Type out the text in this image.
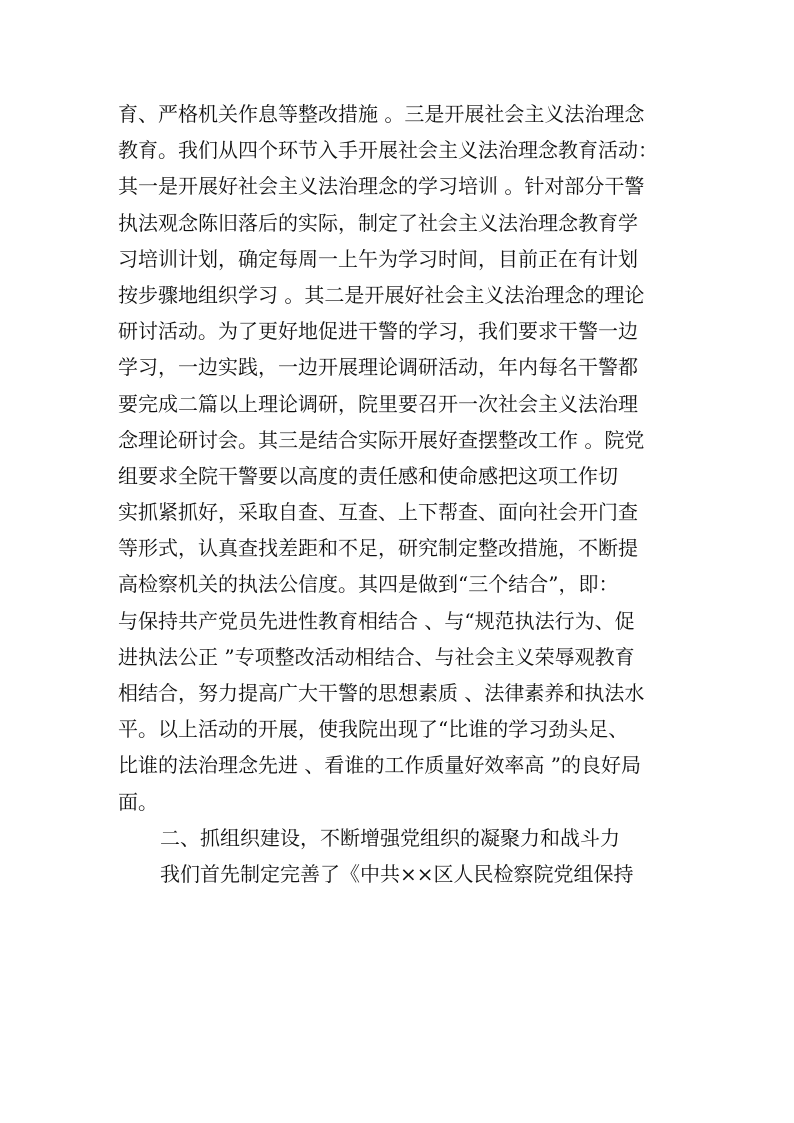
育、严格机关作息等整改措施 。三是开展社会主义法治理念
教育。我们从四个环节入手开展社会主义法治理念教育活动：
其一是开展好社会主义法治理念的学习培训 。针对部分干警
执法观念陈旧落后的实际，制定了社会主义法治理念教育学
习培训计划，确定每周一上午为学习时间，目前正在有计划
按步骤地组织学习 。其二是开展好社会主义法治理念的理论
研讨活动。为了更好地促进干警的学习，我们要求干警一边
学习，一边实践，一边开展理论调研活动，年内每名干警都
要完成二篇以上理论调研，院里要召开一次社会主义法治理
念理论研讨会。其三是结合实际开展好查摆整改工作 。院党
组要求全院干警要以高度的责任感和使命感把这项工作切
实抓紧抓好，采取自查、互查、上下帮查、面向社会开门查
等形式，认真查找差距和不足，研究制定整改措施，不断提
高检察机关的执法公信度。其四是做到“三个结合”，即：
与保持共产党员先进性教育相结合 、与“规范执法行为、促
进执法公正 ”专项整改活动相结合、与社会主义荣辱观教育
相结合，努力提高广大干警的思想素质 、法律素养和执法水
平。以上活动的开展，使我院出现了“比谁的学习劲头足、
比谁的法治理念先进 、看谁的工作质量好效率高 ”的良好局
面。
二、抓组织建设，不断增强党组织的凝聚力和战斗力
我们首先制定完善了《中共××区人民检察院党组保持
